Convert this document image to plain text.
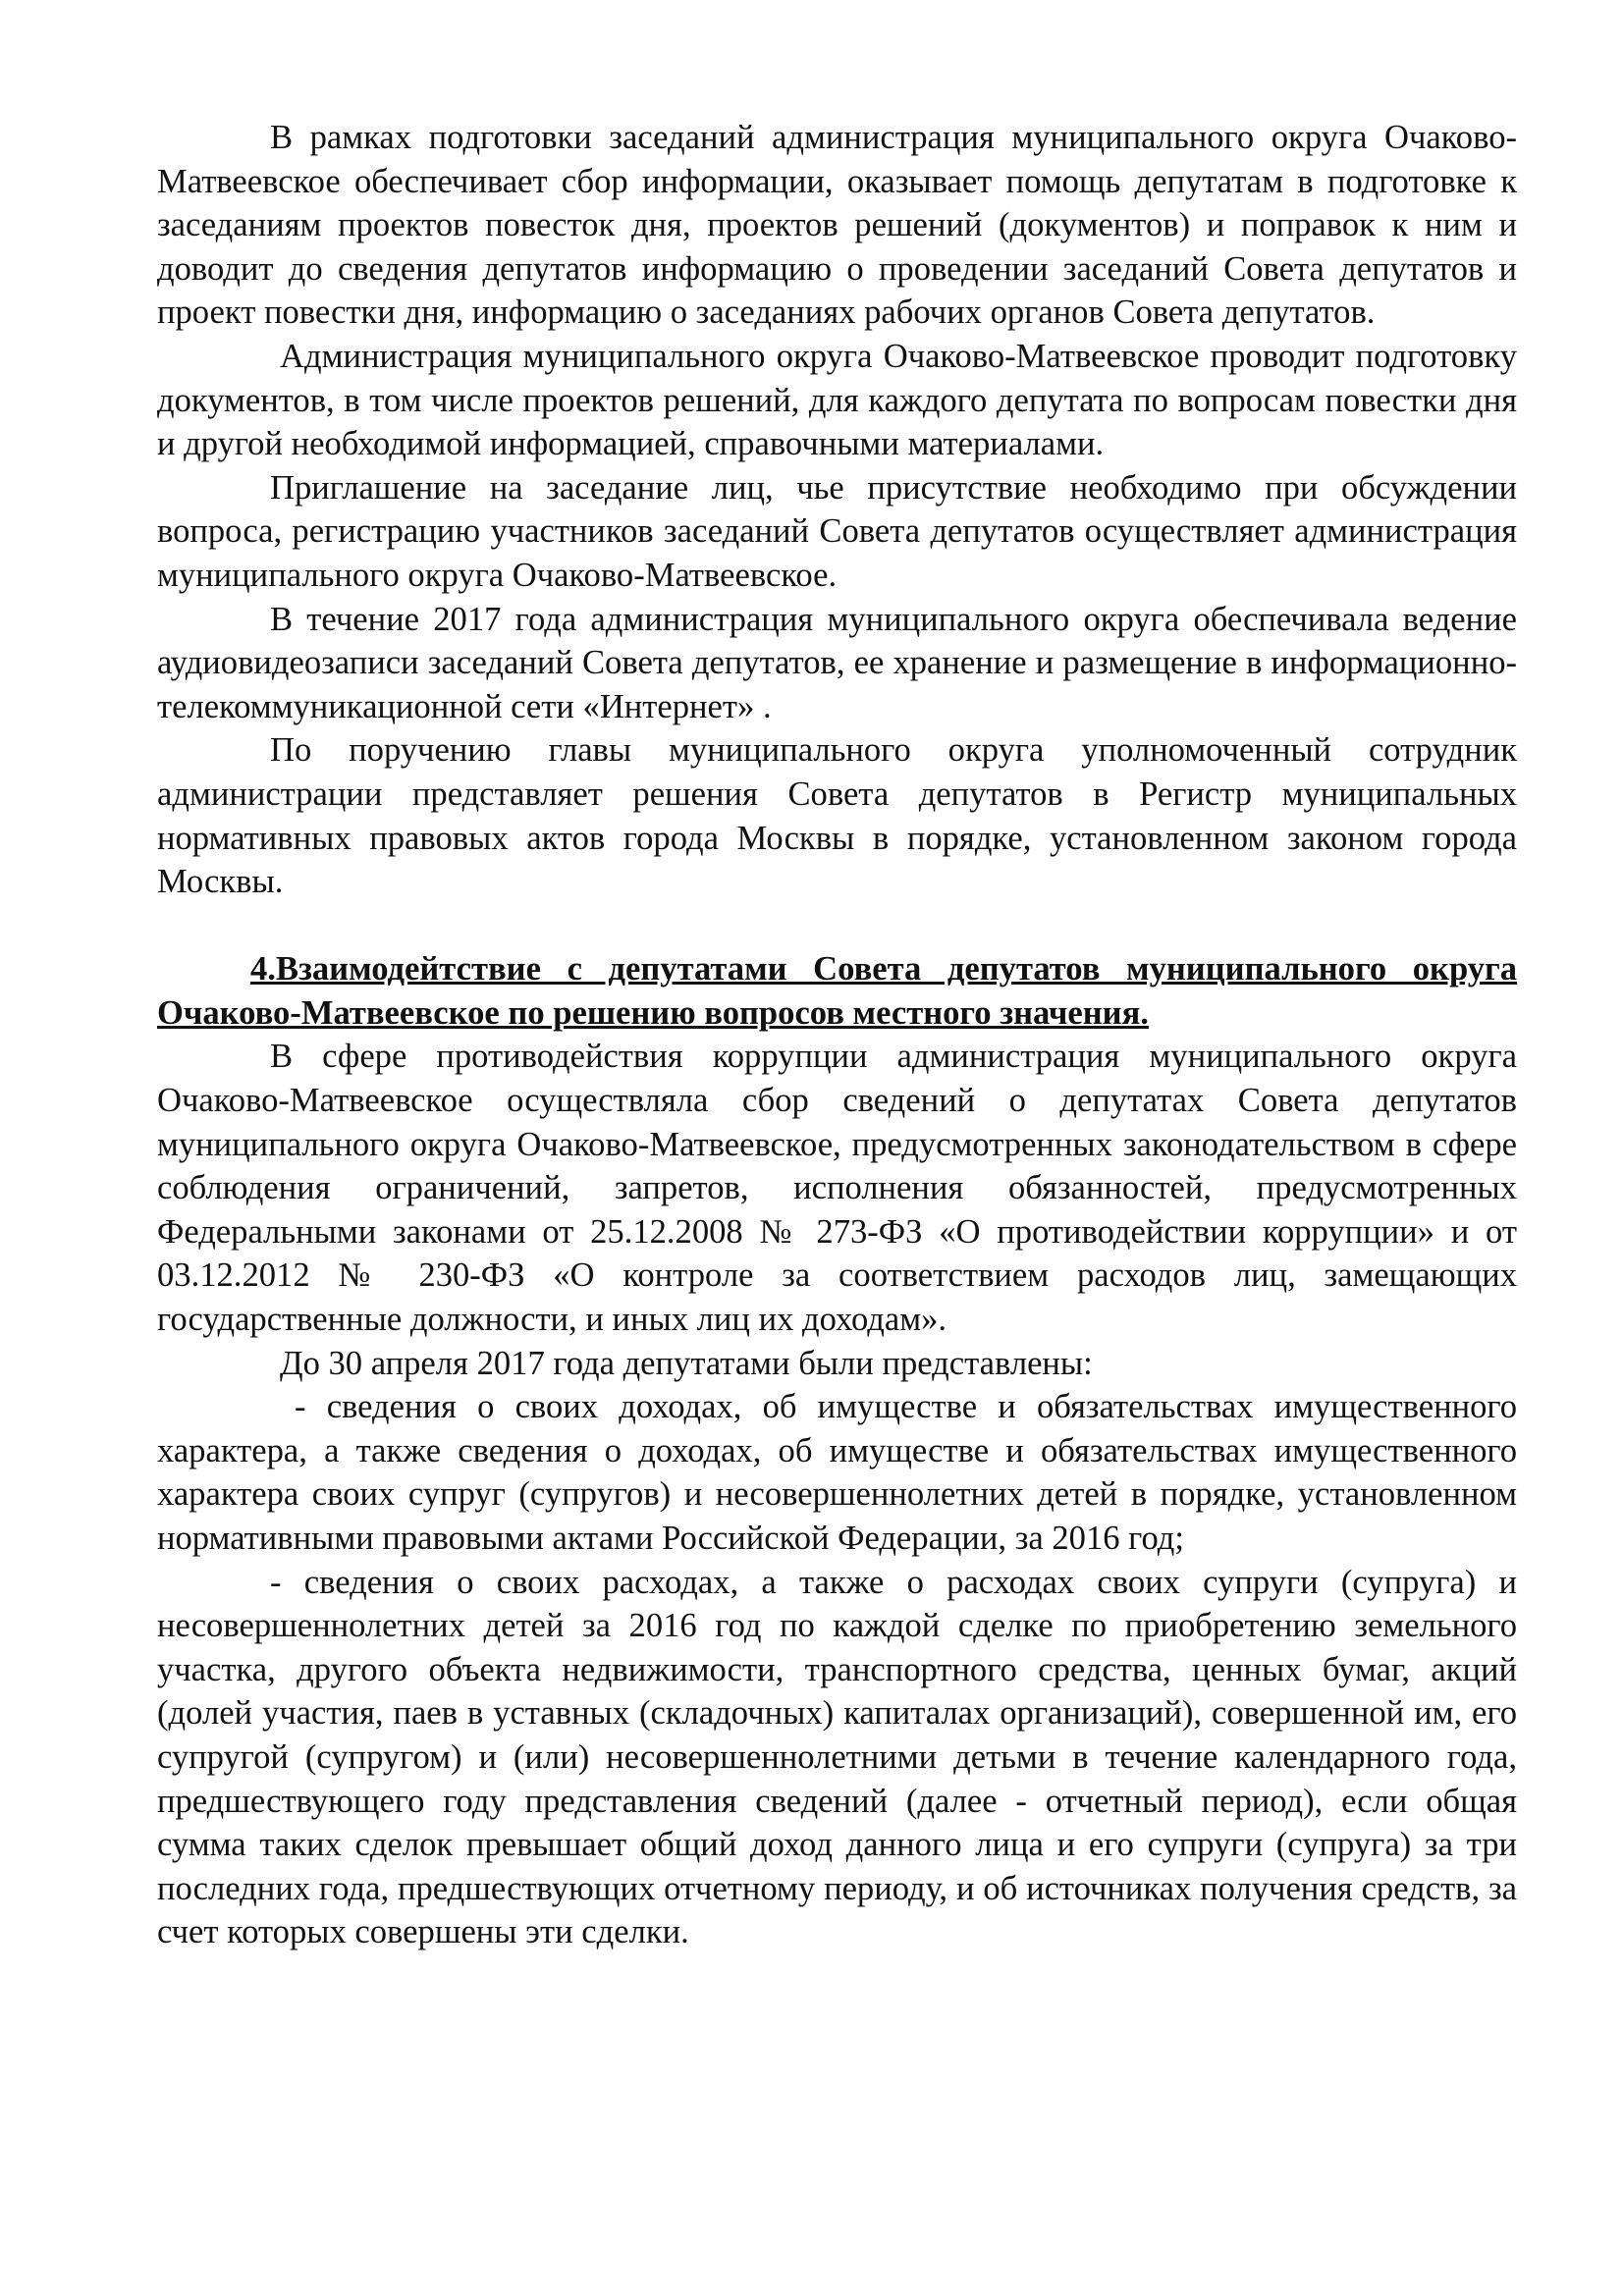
В рамках подготовки заседаний администрация муниципального округа Очаково-Матвеевское обеспечивает сбор информации, оказывает помощь депутатам в подготовке к заседаниям проектов повесток дня, проектов решений (документов) и поправок к ним и доводит до сведения депутатов информацию о проведении заседаний Совета депутатов и проект повестки дня, информацию о заседаниях рабочих органов Совета депутатов.

Администрация муниципального округа Очаково-Матвеевское проводит подготовку документов, в том числе проектов решений, для каждого депутата по вопросам повестки дня и другой необходимой информацией, справочными материалами.

Приглашение на заседание лиц, чье присутствие необходимо при обсуждении вопроса, регистрацию участников заседаний Совета депутатов осуществляет администрация муниципального округа Очаково-Матвеевское.

В течение 2017 года администрация муниципального округа обеспечивала ведение аудиовидеозаписи заседаний Совета депутатов, ее хранение и размещение в информационно-телекоммуникационной сети «Интернет» .

По поручению главы муниципального округа уполномоченный сотрудник администрации представляет решения Совета депутатов в Регистр муниципальных нормативных правовых актов города Москвы в порядке, установленном законом города Москвы.

4.Взаимодейтствие с депутатами Совета депутатов муниципального округа Очаково-Матвеевское по решению вопросов местного значения.

В сфере противодействия коррупции администрация муниципального округа Очаково-Матвеевское осуществляла сбор сведений о депутатах Совета депутатов муниципального округа Очаково-Матвеевское, предусмотренных законодательством в сфере соблюдения ограничений, запретов, исполнения обязанностей, предусмотренных Федеральными законами от 25.12.2008 № 273-ФЗ «О противодействии коррупции» и от 03.12.2012 № 230-ФЗ «О контроле за соответствием расходов лиц, замещающих государственные должности, и иных лиц их доходам».

До 30 апреля 2017 года депутатами были представлены:

- сведения о своих доходах, об имуществе и обязательствах имущественного характера, а также сведения о доходах, об имуществе и обязательствах имущественного характера своих супруг (супругов) и несовершеннолетних детей в порядке, установленном нормативными правовыми актами Российской Федерации, за 2016 год;

- сведения о своих расходах, а также о расходах своих супруги (супруга) и несовершеннолетних детей за 2016 год по каждой сделке по приобретению земельного участка, другого объекта недвижимости, транспортного средства, ценных бумаг, акций (долей участия, паев в уставных (складочных) капиталах организаций), совершенной им, его супругой (супругом) и (или) несовершеннолетними детьми в течение календарного года, предшествующего году представления сведений (далее - отчетный период), если общая сумма таких сделок превышает общий доход данного лица и его супруги (супруга) за три последних года, предшествующих отчетному периоду, и об источниках получения средств, за счет которых совершены эти сделки.
